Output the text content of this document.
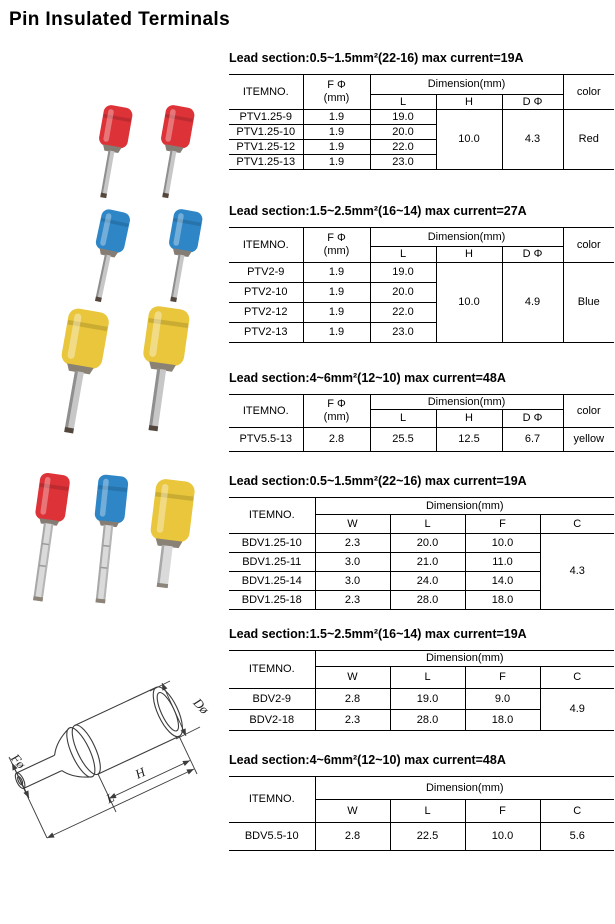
Pin Insulated Terminals
Dø
Fø
H
L
Lead section:0.5~1.5mm²(22-16) max current=19A
ITEMNO.	F Φ
(mm)	Dimension(mm)			color
		L	H	D Φ	
PTV1.25-9	1.9	19.0	10.0	4.3	Red
PTV1.25-10	1.9	20.0			
PTV1.25-12	1.9	22.0			
PTV1.25-13	1.9	23.0			
Lead section:1.5~2.5mm²(16~14) max current=27A
ITEMNO.	F Φ
(mm)	Dimension(mm)			color
		L	H	D Φ	
PTV2-9	1.9	19.0	10.0	4.9	Blue
PTV2-10	1.9	20.0			
PTV2-12	1.9	22.0			
PTV2-13	1.9	23.0			
Lead section:4~6mm²(12~10) max current=48A
ITEMNO.	F Φ
(mm)	Dimension(mm)			color
		L	H	D Φ	
PTV5.5-13	2.8	25.5	12.5	6.7	yellow
Lead section:0.5~1.5mm²(22~16) max current=19A
ITEMNO.	Dimension(mm)			
	W	L	F	C
BDV1.25-10	2.3	20.0	10.0	4.3
BDV1.25-11	3.0	21.0	11.0	
BDV1.25-14	3.0	24.0	14.0	
BDV1.25-18	2.3	28.0	18.0	
Lead section:1.5~2.5mm²(16~14) max current=19A
ITEMNO.	Dimension(mm)			
	W	L	F	C
BDV2-9	2.8	19.0	9.0	4.9
BDV2-18	2.3	28.0	18.0	
Lead section:4~6mm²(12~10) max current=48A
ITEMNO.	Dimension(mm)			
	W	L	F	C
BDV5.5-10	2.8	22.5	10.0	5.6
